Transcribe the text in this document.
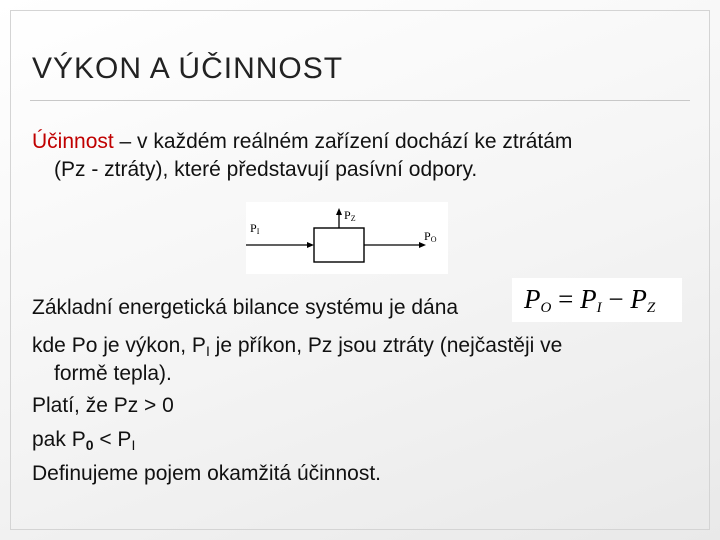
VÝKON A ÚČINNOST

Účinnost – v každém reálném zařízení dochází ke ztrátám
(Pz - ztráty), které představují pasívní odpory.

PI
PZ
PO

Základní energetická bilance systému je dána $P_O = P_I - P_Z$

kde Po je výkon, $P_I$ je příkon, Pz jsou ztráty (nejčastěji ve
formě tepla).

Platí, že Pz > 0

pak $P_0 < P_I$

Definujeme pojem okamžitá účinnost.
